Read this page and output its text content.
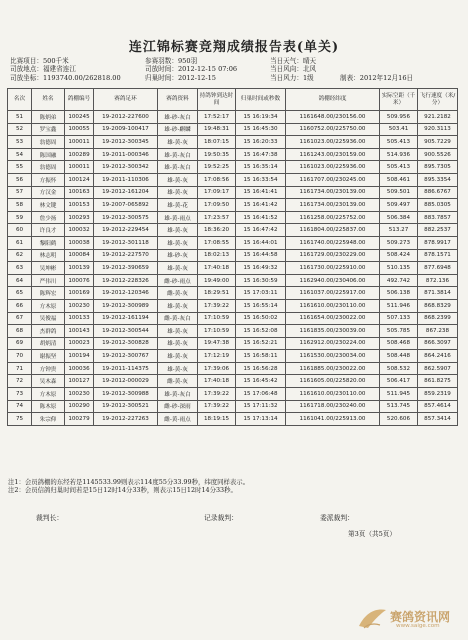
连江锦标赛竞翔成绩报告表(单关)
比赛项目：500千米
司放地点：福建省连江
司放坐标：1193740.00/262818.00
参赛羽数：950羽
司放时间：2012-12-15 07:06
归巢时间：2012-12-15
当日天气：晴天
当日风向：北风
当日风力：1级	制表：2012年12月16日
名次	姓名	鸽棚编号	赛鸽足环	赛鸽资料	持鸽钟到达时间	归巢时间或秒数	鸽棚经纬度	实际空距（千米）	飞行速度（米/分）
51	陈炳弟	100245	19-2012-227600	雄-砂-灰白	17:52:17	15 16:19:34	1161648.00/230156.00	509.956	921.2182
52	罗宝鑫	100055	19-2009-100417	雄-砂-麒麟	19:48:31	15 16:45:30	1160752.00/225750.00	503.41	920.3113
53	翁德周	100011	19-2012-300345	雄-黄-灰	18:07:15	15 16:20:33	1161023.00/225936.00	505.413	905.7229
54	陈国融	100289	19-2011-000346	雄-黄-灰白	19:50:35	15 16:47:38	1161243.00/230159.00	514.936	900.5526
55	翁德周	100011	19-2012-300342	雄-黄-灰白	19:52:25	15 16:35:14	1161023.00/225936.00	505.413	895.7305
56	方振怀	100124	19-2011-110306	雄-黄-灰	17:08:56	15 16:33:54	1161707.00/230245.00	508.461	895.3354
57	方汉金	100163	19-2012-161204	雄-黄-灰	17:09:17	15 16:41:41	1161734.00/230139.00	509.501	886.6767
58	林文键	100153	19-2007-065892	雄-黄-花	17:09:50	15 16:41:42	1161734.00/230139.00	509.497	885.0305
59	詹少扬	100293	19-2012-300575	雄-黄-雨点	17:23:57	15 16:41:52	1161258.00/225752.00	506.384	883.7857
60	许良才	100032	19-2012-229454	雄-黄-灰	18:36:20	15 16:47:42	1161804.00/225837.00	513.27	882.2537
61	黎阳鹤	100038	19-2012-301118	雄-黄-灰	17:08:55	15 16:44:01	1161740.00/225948.00	509.273	878.9917
62	林志明	100084	19-2012-227570	雄-砂-灰	18:02:13	15 16:44:58	1161729.00/230229.00	508.424	878.1571
63	吴坤彬	100139	19-2012-390659	雄-黄-灰	17:40:18	15 16:49:32	1161730.00/225910.00	510.135	877.6948
64	严伟川	100076	19-2012-228326	雌-砂-雨点	19:49:00	15 16:30:59	1162940.00/230406.00	492.742	872.136
65	陈辉宏	100169	19-2012-120346	雌-黄-灰	18:29:51	15 17:03:11	1161037.00/225917.00	506.138	871.3814
66	方木原	100230	19-2012-300989	雄-黄-灰	17:39:22	15 16:55:14	1161610.00/230110.00	511.946	868.8329
67	吴俊福	100133	19-2012-161194	雌-黄-灰白	17:10:59	15 16:50:02	1161654.00/230022.00	507.133	868.2399
68	杰群鸽	100143	19-2012-300544	雄-黄-灰	17:10:59	15 16:52:08	1161835.00/230039.00	505.785	867.238
69	胡炳清	100023	19-2012-300828	雄-黄-灰	19:47:38	15 16:52:21	1162912.00/230224.00	508.468	866.3097
70	谢振坚	100194	19-2012-300767	雄-黄-灰	17:12:19	15 16:58:11	1161530.00/230034.00	508.448	864.2416
71	方钟贵	100036	19-2011-114375	雄-黄-灰	17:39:06	15 16:56:28	1161885.00/230022.00	508.532	862.5907
72	吴木森	100127	19-2012-000029	雌-黄-灰	17:40:18	15 16:45:42	1161605.00/225820.00	506.417	861.8275
73	方木原	100230	19-2012-300988	雄-黄-灰白	17:39:22	15 17:06:48	1161610.00/230110.00	511.945	859.2319
74	陈木原	100290	19-2012-300521	雌-砂-深雨	17:39:22	15 17:11:32	1161718.00/230240.00	513.745	857.4614
75	朱宗仰	100279	19-2012-227263	雌-黄-雨点	18:19:15	15 17:13:14	1161041.00/225913.00	520.606	857.3414
注1：会员鸽棚的东经若是1145533.99则表示114度55分33.99秒，纬度同样表示。
注2：会员信鸽归巢时间若是15日12时14分33秒，则表示15日12时14分33秒。
裁判长：	记录裁判：	委派裁判：
第3页（共5页）
赛鸽资讯网
www.saige.com
